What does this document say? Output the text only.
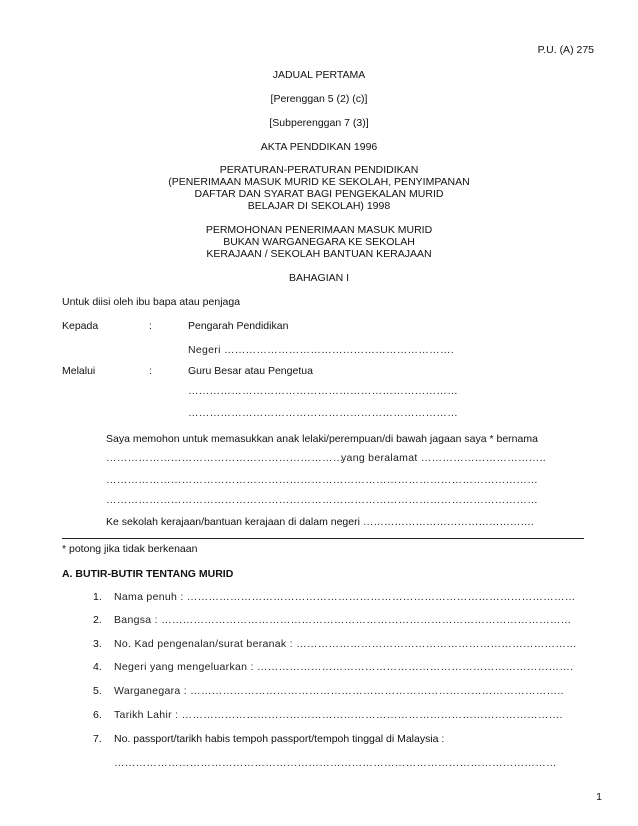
P.U. (A) 275
JADUAL PERTAMA
[Perenggan 5 (2) (c)]
[Subperenggan 7 (3)]
AKTA PENDDIKAN 1996
PERATURAN-PERATURAN PENDIDIKAN
(PENERIMAAN MASUK MURID KE SEKOLAH, PENYIMPANAN
DAFTAR DAN SYARAT BAGI PENGEKALAN MURID
BELAJAR DI SEKOLAH) 1998
PERMOHONAN PENERIMAAN MASUK MURID
BUKAN WARGANEGARA KE SEKOLAH
KERAJAAN / SEKOLAH BANTUAN KERAJAAN
BAHAGIAN I
Untuk diisi oleh ibu bapa atau penjaga
Kepada	:	Pengarah Pendidikan
Negeri ……………………………………………………….
Melalui	:	Guru Besar atau Pengetua
…………………………………………………………………
…………………………………………………………………
Saya memohon untuk memasukkan anak lelaki/perempuan/di bawah jagaan saya * bernama
…………………………………………………………
yang beralamat ……………………………..
…………………………………………………………………………………………………………
…………………………………………………………………………………………………………
Ke sekolah kerajaan/bantuan kerajaan di dalam negeri ………………………………………….
* potong jika tidak berkenaan
A. BUTIR-BUTIR TENTANG MURID
1. Nama penuh : ………………………………………………………………………………………………
2. Bangsa : ……………………………………………………………………………………………………
3. No. Kad pengenalan/surat beranak : ……………………………………………………………………
4. Negeri yang mengeluarkan : …………………………………………………………………………….
5. Warganegara : …………………………………………………………………………………………..
6. Tarikh Lahir : …………………………………………………………………………………………….
7. No. passport/tarikh habis tempoh passport/tempoh tinggal di Malaysia :
……………………………………………………………………………………………………………
1
